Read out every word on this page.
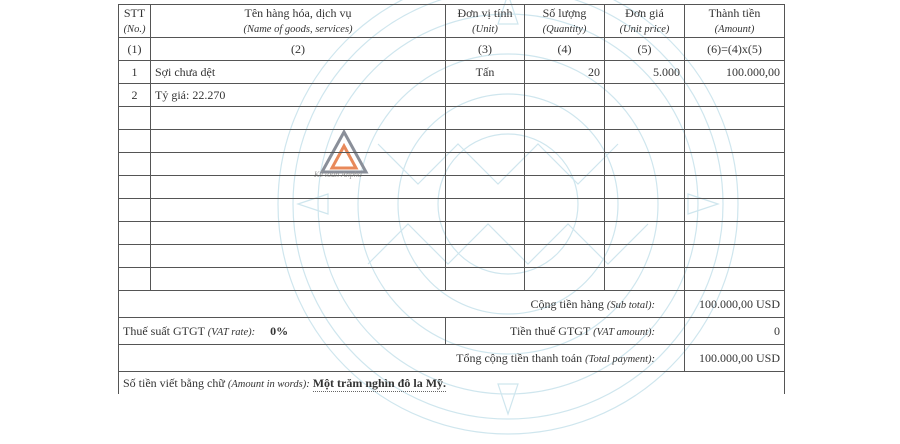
Kế toán Anpha
STT	Tên hàng hóa, dịch vụ	Đơn vị tính	Số lượng	Đơn giá	Thành tiền
(No.)	(Name of goods, services)	(Unit)	(Quantity)	(Unit price)	(Amount)
(1)	(2)	(3)	(4)	(5)	(6)=(4)x(5)
1	Sợi chưa dệt	Tấn	20	5.000	100.000,00
2	Tỷ giá: 22.270				

Cộng tiền hàng (Sub total):					100.000,00 USD
Thuế suất GTGT (VAT rate): 0%		Tiền thuế GTGT (VAT amount):			0
Tổng cộng tiền thanh toán (Total payment):					100.000,00 USD
Số tiền viết bằng chữ (Amount in words): Một trăm nghìn đô la Mỹ.					
